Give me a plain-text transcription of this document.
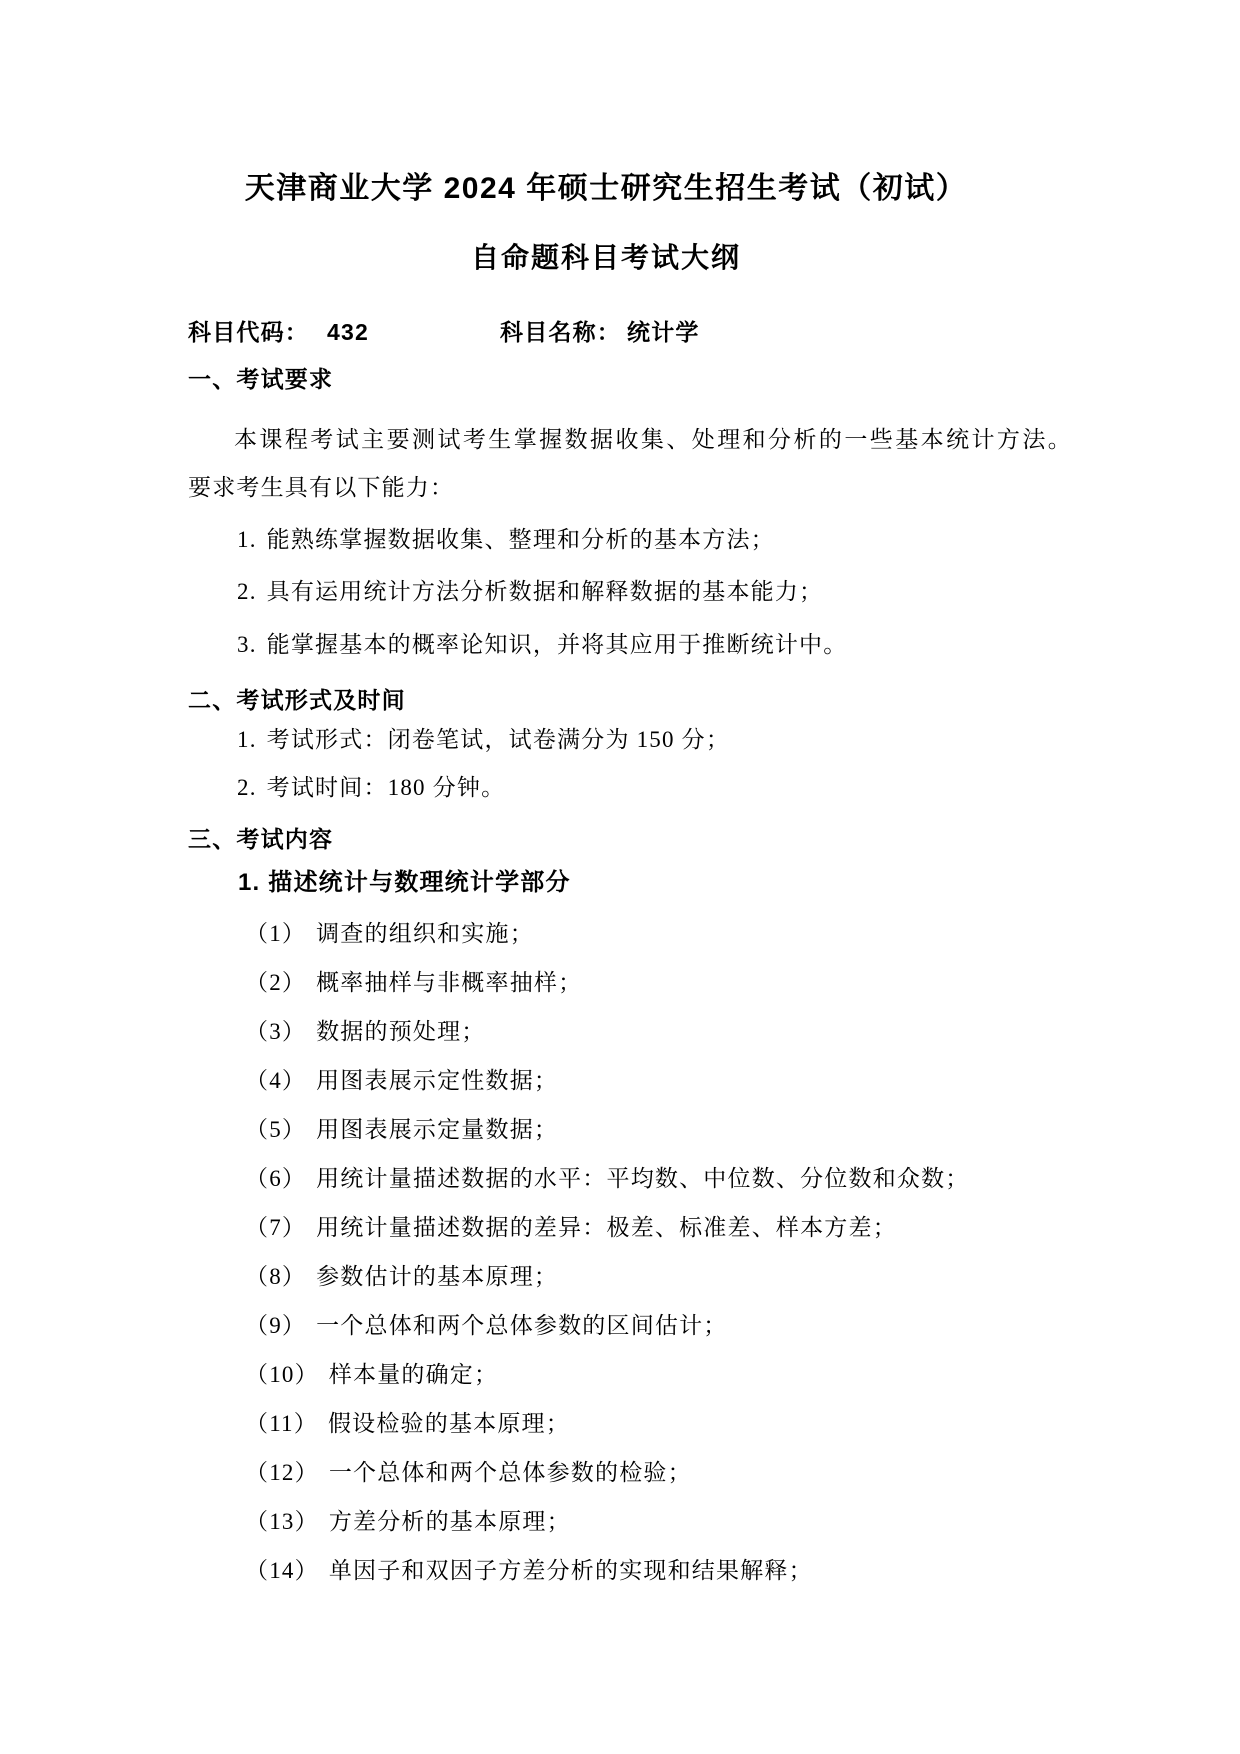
天津商业大学 2024 年硕士研究生招生考试（初试）
自命题科目考试大纲
科目代码： 432	科目名称： 统计学
一、考试要求
本课程考试主要测试考生掌握数据收集、处理和分析的一些基本统计方法。
要求考生具有以下能力：
1. 能熟练掌握数据收集、整理和分析的基本方法；
2. 具有运用统计方法分析数据和解释数据的基本能力；
3. 能掌握基本的概率论知识，并将其应用于推断统计中。
二、考试形式及时间
1. 考试形式：闭卷笔试，试卷满分为 150 分；
2. 考试时间：180 分钟。
三、考试内容
1. 描述统计与数理统计学部分
（1） 调查的组织和实施；
（2） 概率抽样与非概率抽样；
（3） 数据的预处理；
（4） 用图表展示定性数据；
（5） 用图表展示定量数据；
（6） 用统计量描述数据的水平：平均数、中位数、分位数和众数；
（7） 用统计量描述数据的差异：极差、标准差、样本方差；
（8） 参数估计的基本原理；
（9） 一个总体和两个总体参数的区间估计；
（10） 样本量的确定；
（11） 假设检验的基本原理；
（12） 一个总体和两个总体参数的检验；
（13） 方差分析的基本原理；
（14） 单因子和双因子方差分析的实现和结果解释；
